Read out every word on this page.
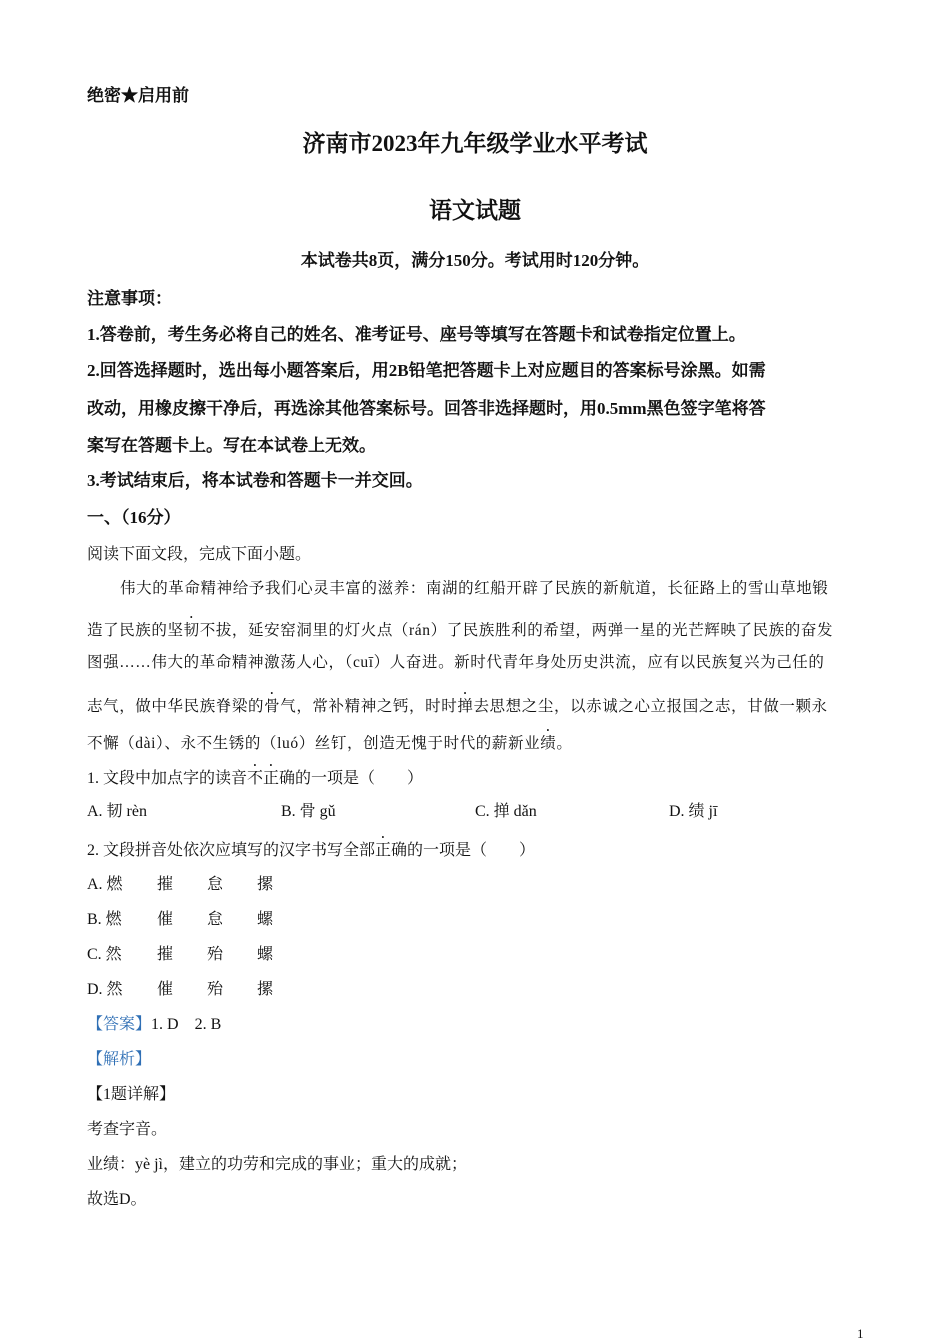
绝密★启用前
济南市2023年九年级学业水平考试
语文试题
本试卷共8页，满分150分。考试用时120分钟。
注意事项：
1.答卷前，考生务必将自己的姓名、准考证号、座号等填写在答题卡和试卷指定位置上。
2.回答选择题时，选出每小题答案后，用2B铅笔把答题卡上对应题目的答案标号涂黑。如需
改动，用橡皮擦干净后，再选涂其他答案标号。回答非选择题时，用0.5mm黑色签字笔将答
案写在答题卡上。写在本试卷上无效。
3.考试结束后，将本试卷和答题卡一并交回。
一、（16分）
阅读下面文段，完成下面小题。
伟大的革命精神给予我们心灵丰富的滋养：南湖的红船开辟了民族的新航道，长征路上的雪山草地锻
造了民族的坚韧不拔，延安窑洞里的灯火点（rán）了民族胜利的希望，两弹一星的光芒辉映了民族的奋发
图强……伟大的革命精神激荡人心，（cuī）人奋进。新时代青年身处历史洪流，应有以民族复兴为己任的
志气，做中华民族脊梁的骨气，常补精神之钙，时时掸去思想之尘，以赤诚之心立报国之志，甘做一颗永
不懈（dài）、永不生锈的（luó）丝钉，创造无愧于时代的薪新业绩。
1. 文段中加点字的读音不正确的一项是（　　）
A. 韧 rèn	B. 骨 gǔ	C. 掸 dǎn	D. 绩 jī
2. 文段拼音处依次应填写的汉字书写全部正确的一项是（　　）
A. 燃 摧 怠 摞
B. 燃 催 怠 螺
C. 然 摧 殆 螺
D. 然 催 殆 摞
【答案】1. D　2. B
【解析】
【1题详解】
考查字音。
业绩：yè jì，建立的功劳和完成的事业；重大的成就；
故选D。
1
